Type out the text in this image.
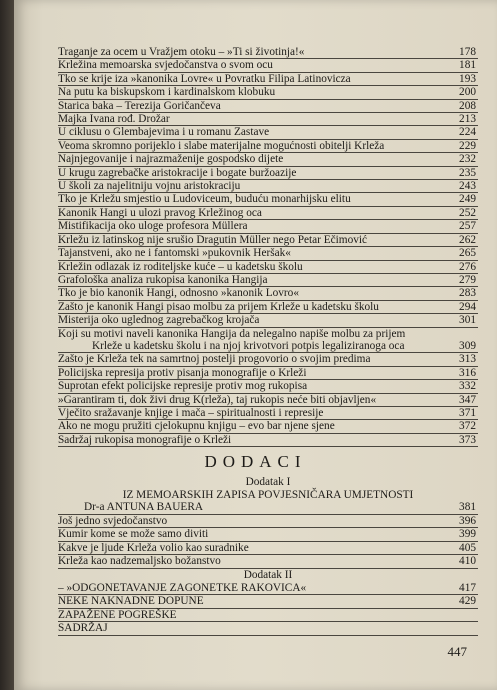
Traganje za ocem u Vražjem otoku – »Ti si životinja!«	178
Krležina memoarska svjedočanstva o svom ocu	181
Tko se krije iza »kanonika Lovre« u Povratku Filipa Latinovicza	193
Na putu ka biskupskom i kardinalskom klobuku	200
Starica baka – Terezija Goričančeva	208
Majka Ivana rođ. Drožar	213
U ciklusu o Glembajevima i u romanu Zastave	224
Veoma skromno porijeklo i slabe materijalne mogućnosti obitelji Krleža	229
Najnjegovanije i najrazmaženije gospodsko dijete	232
U krugu zagrebačke aristokracije i bogate buržoazije	235
U školi za najelitniju vojnu aristokraciju	243
Tko je Krležu smjestio u Ludoviceum, buduću monarhijsku elitu	249
Kanonik Hangi u ulozi pravog Krležinog oca	252
Mistifikacija oko uloge profesora Müllera	257
Krležu iz latinskog nije srušio Dragutin Müller nego Petar Ečimović	262
Tajanstveni, ako ne i fantomski »pukovnik Heršak«	265
Krležin odlazak iz roditeljske kuće – u kadetsku školu	276
Grafološka analiza rukopisa kanonika Hangija	279
Tko je bio kanonik Hangi, odnosno »kanonik Lovro«	283
Zašto je kanonik Hangi pisao molbu za prijem Krleže u kadetsku školu	294
Misterija oko uglednog zagrebačkog krojača	301
Koji su motivi naveli kanonika Hangija da nelegalno napiše molbu za prijem
Krleže u kadetsku školu i na njoj krivotvori potpis legaliziranoga oca	309
Zašto je Krleža tek na samrtnoj postelji progovorio o svojim predima	313
Policijska represija protiv pisanja monografije o Krleži	316
Suprotan efekt policijske represije protiv mog rukopisa	332
»Garantiram ti, dok živi drug K(rleža), taj rukopis neće biti objavljen«	347
Vječito sražavanje knjige i mača – spiritualnosti i represije	371
Ako ne mogu pružiti cjelokupnu knjigu – evo bar njene sjene	372
Sadržaj rukopisa monografije o Krleži	373
DODACI
Dodatak I
IZ MEMOARSKIH ZAPISA POVJESNIČARA UMJETNOSTI
Dr-a ANTUNA BAUERA	381
Još jedno svjedočanstvo	396
Kumir kome se može samo diviti	399
Kakve je ljude Krleža volio kao suradnike	405
Krleža kao nadzemaljsko božanstvo	410
Dodatak II
– »ODGONETAVANJE ZAGONETKE RAKOVICA«	417
NEKE NAKNADNE DOPUNE	429
ZAPAŽENE POGREŠKE
SADRŽAJ
447
